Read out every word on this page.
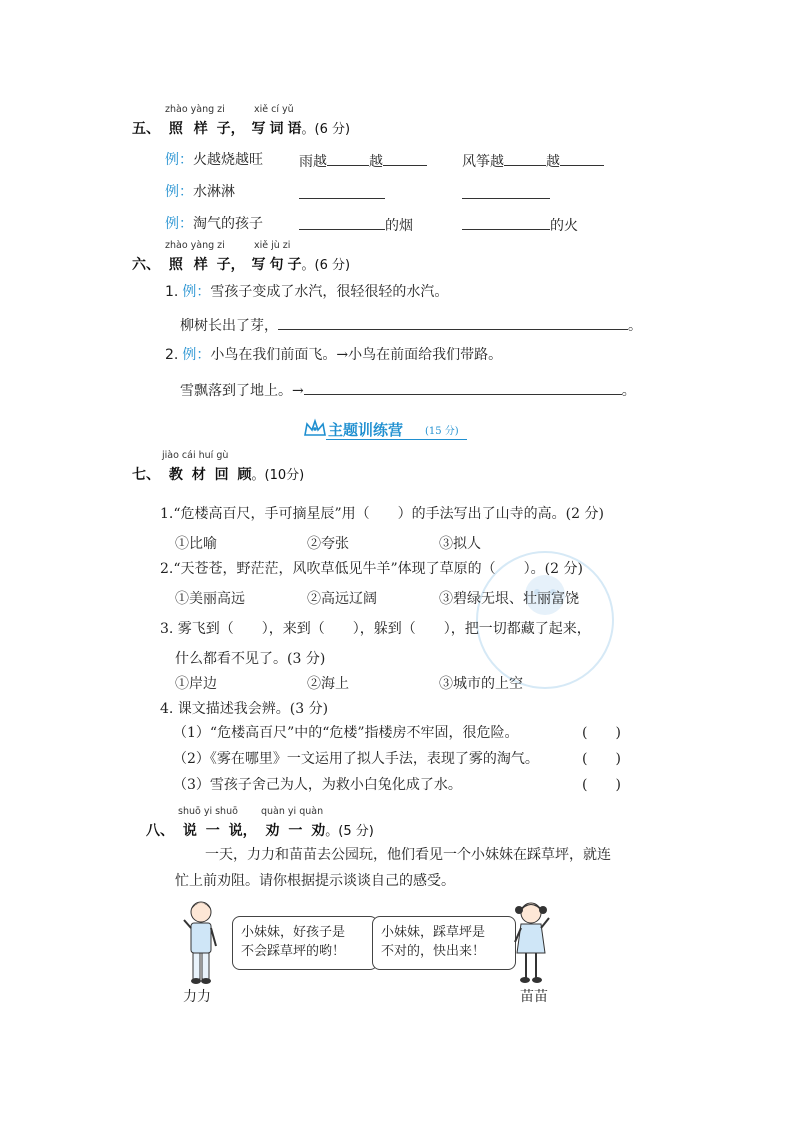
zhào yàng zi	xiě cí yǔ
五、 照 样 子， 写 词 语。(6 分)
例： 火越烧越旺	雨越	越	风筝越	越
例： 水淋淋
例： 淘气的孩子	的烟	的火
zhào yàng zi	xiě jù zi
六、 照 样 子， 写 句 子。(6 分)
1. 例：雪孩子变成了水汽，很轻很轻的水汽。
柳树长出了芽，	。
2. 例：小鸟在我们前面飞。→小鸟在前面给我们带路。
雪飘落到了地上。→	。
主题训练营 (15 分)
jiào cái huí gù
七、 教 材 回 顾。(10分)
1.“危楼高百尺，手可摘星辰”用（　　）的手法写出了山寺的高。(2 分)
①比喻	②夸张	③拟人
2.“天苍苍，野茫茫，风吹草低见牛羊”体现了草原的（　　）。(2 分)
①美丽高远	②高远辽阔	③碧绿无垠、壮丽富饶
3. 雾飞到（　　），来到（　　），躲到（　　），把一切都藏了起来，
什么都看不见了。(3 分)
①岸边	②海上	③城市的上空
4. 课文描述我会辨。(3 分)
（1）“危楼高百尺”中的“危楼”指楼房不牢固，很危险。	(　　)
（2）《雾在哪里》一文运用了拟人手法，表现了雾的淘气。	(　　)
（3）雪孩子舍己为人，为救小白兔化成了水。	(　　)
shuō yi shuō quàn yi quàn
八、 说 一 说， 劝 一 劝。(5 分)
一天，力力和苗苗去公园玩，他们看见一个小妹妹在踩草坪，就连
忙上前劝阻。请你根据提示谈谈自己的感受。
力力
小妹妹，好孩子是
不会踩草坪的哟！
小妹妹，踩草坪是
不对的，快出来！
苗苗
